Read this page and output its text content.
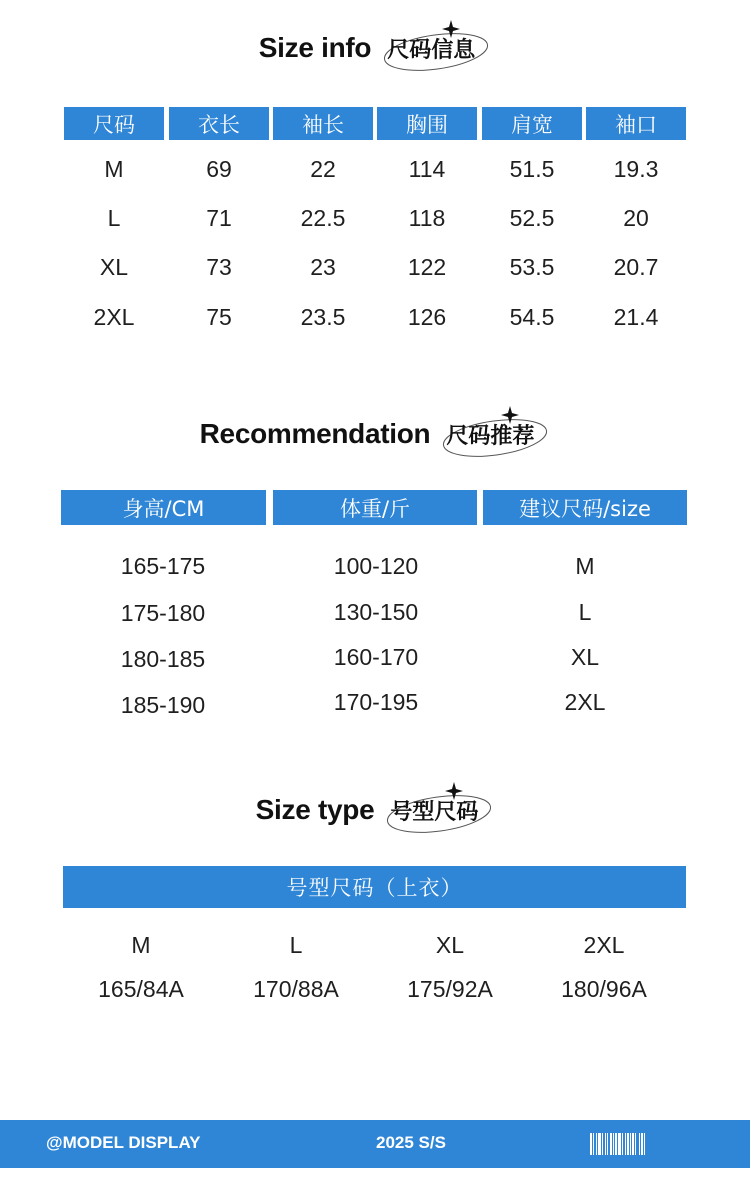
Size info 尺码信息
尺码	衣长	袖长	胸围	肩宽	袖口
M	69	22	114	51.5	19.3
L	71	22.5	118	52.5	20
XL	73	23	122	53.5	20.7
2XL	75	23.5	126	54.5	21.4
Recommendation 尺码推荐
身高/CM	体重/斤	建议尺码/size
165-175	100-120	M
175-180	130-150	L
180-185	160-170	XL
185-190	170-195	2XL
Size type 号型尺码
号型尺码（上衣）
M	L	XL	2XL
165/84A	170/88A	175/92A	180/96A
@MODEL DISPLAY	2025 S/S
